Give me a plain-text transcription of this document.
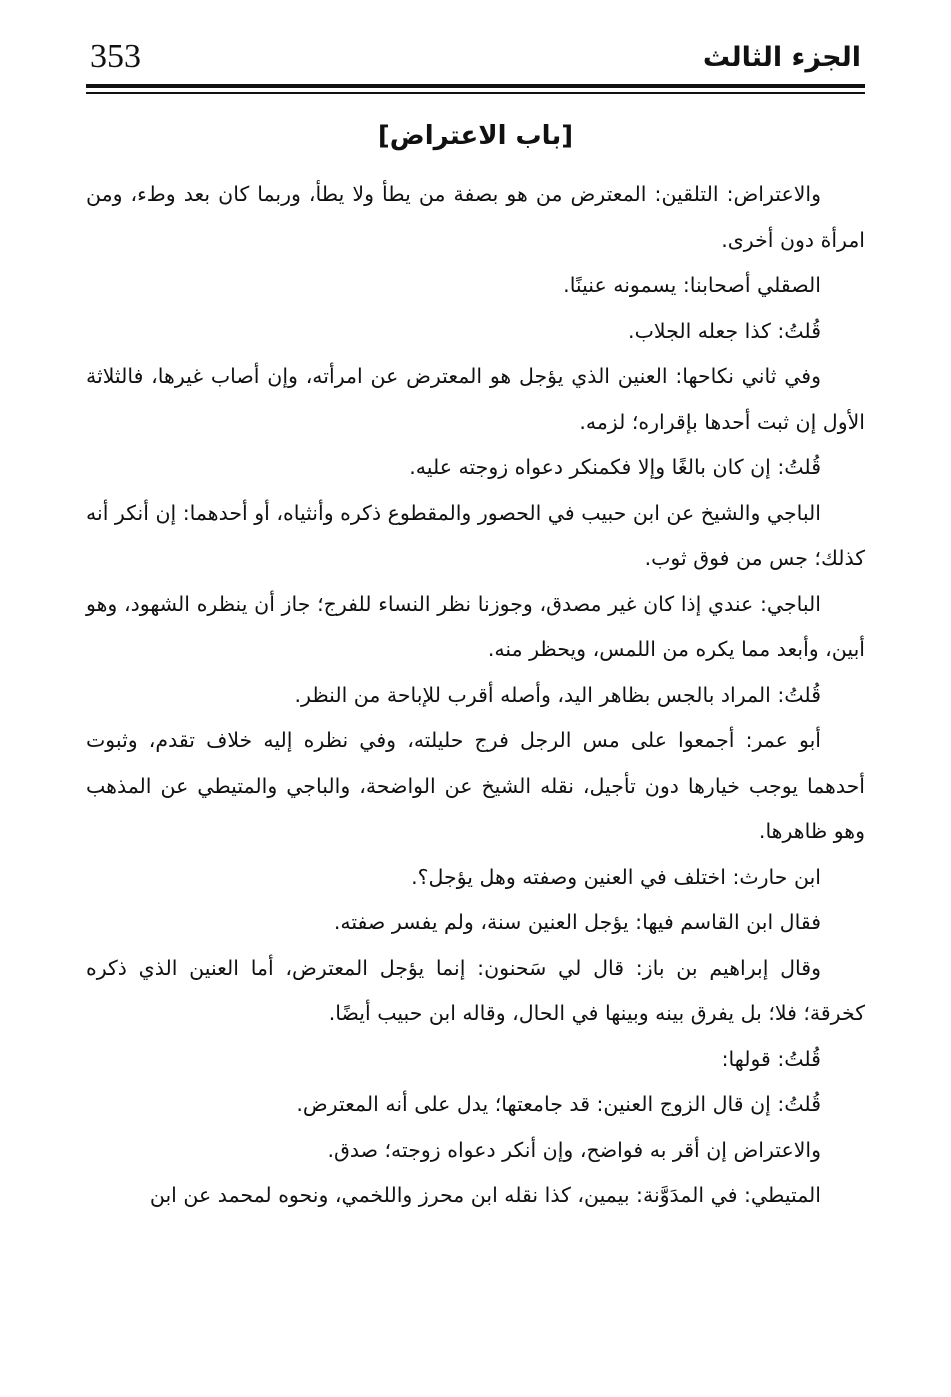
353	الجزء الثالث
[باب الاعتراض]

والاعتراض: التلقين: المعترض من هو بصفة من يطأ ولا يطأ، وربما كان بعد وطء، ومن امرأة دون أخرى.

الصقلي أصحابنا: يسمونه عنينًا.

قُلتُ: كذا جعله الجلاب.

وفي ثاني نكاحها: العنين الذي يؤجل هو المعترض عن امرأته، وإن أصاب غيرها، فالثلاثة الأول إن ثبت أحدها بإقراره؛ لزمه.

قُلتُ: إن كان بالغًا وإلا فكمنكر دعواه زوجته عليه.

الباجي والشيخ عن ابن حبيب في الحصور والمقطوع ذكره وأنثياه، أو أحدهما: إن أنكر أنه كذلك؛ جس من فوق ثوب.

الباجي: عندي إذا كان غير مصدق، وجوزنا نظر النساء للفرج؛ جاز أن ينظره الشهود، وهو أبين، وأبعد مما يكره من اللمس، ويحظر منه.

قُلتُ: المراد بالجس بظاهر اليد، وأصله أقرب للإباحة من النظر.

أبو عمر: أجمعوا على مس الرجل فرج حليلته، وفي نظره إليه خلاف تقدم، وثبوت أحدهما يوجب خيارها دون تأجيل، نقله الشيخ عن الواضحة، والباجي والمتيطي عن المذهب وهو ظاهرها.

ابن حارث: اختلف في العنين وصفته وهل يؤجل؟.

فقال ابن القاسم فيها: يؤجل العنين سنة، ولم يفسر صفته.

وقال إبراهيم بن باز: قال لي سَحنون: إنما يؤجل المعترض، أما العنين الذي ذكره كخرقة؛ فلا؛ بل يفرق بينه وبينها في الحال، وقاله ابن حبيب أيضًا.

قُلتُ: قولها:

قُلتُ: إن قال الزوج العنين: قد جامعتها؛ يدل على أنه المعترض.

والاعتراض إن أقر به فواضح، وإن أنكر دعواه زوجته؛ صدق.

المتيطي: في المدَوَّنة: بيمين، كذا نقله ابن محرز واللخمي، ونحوه لمحمد عن ابن
